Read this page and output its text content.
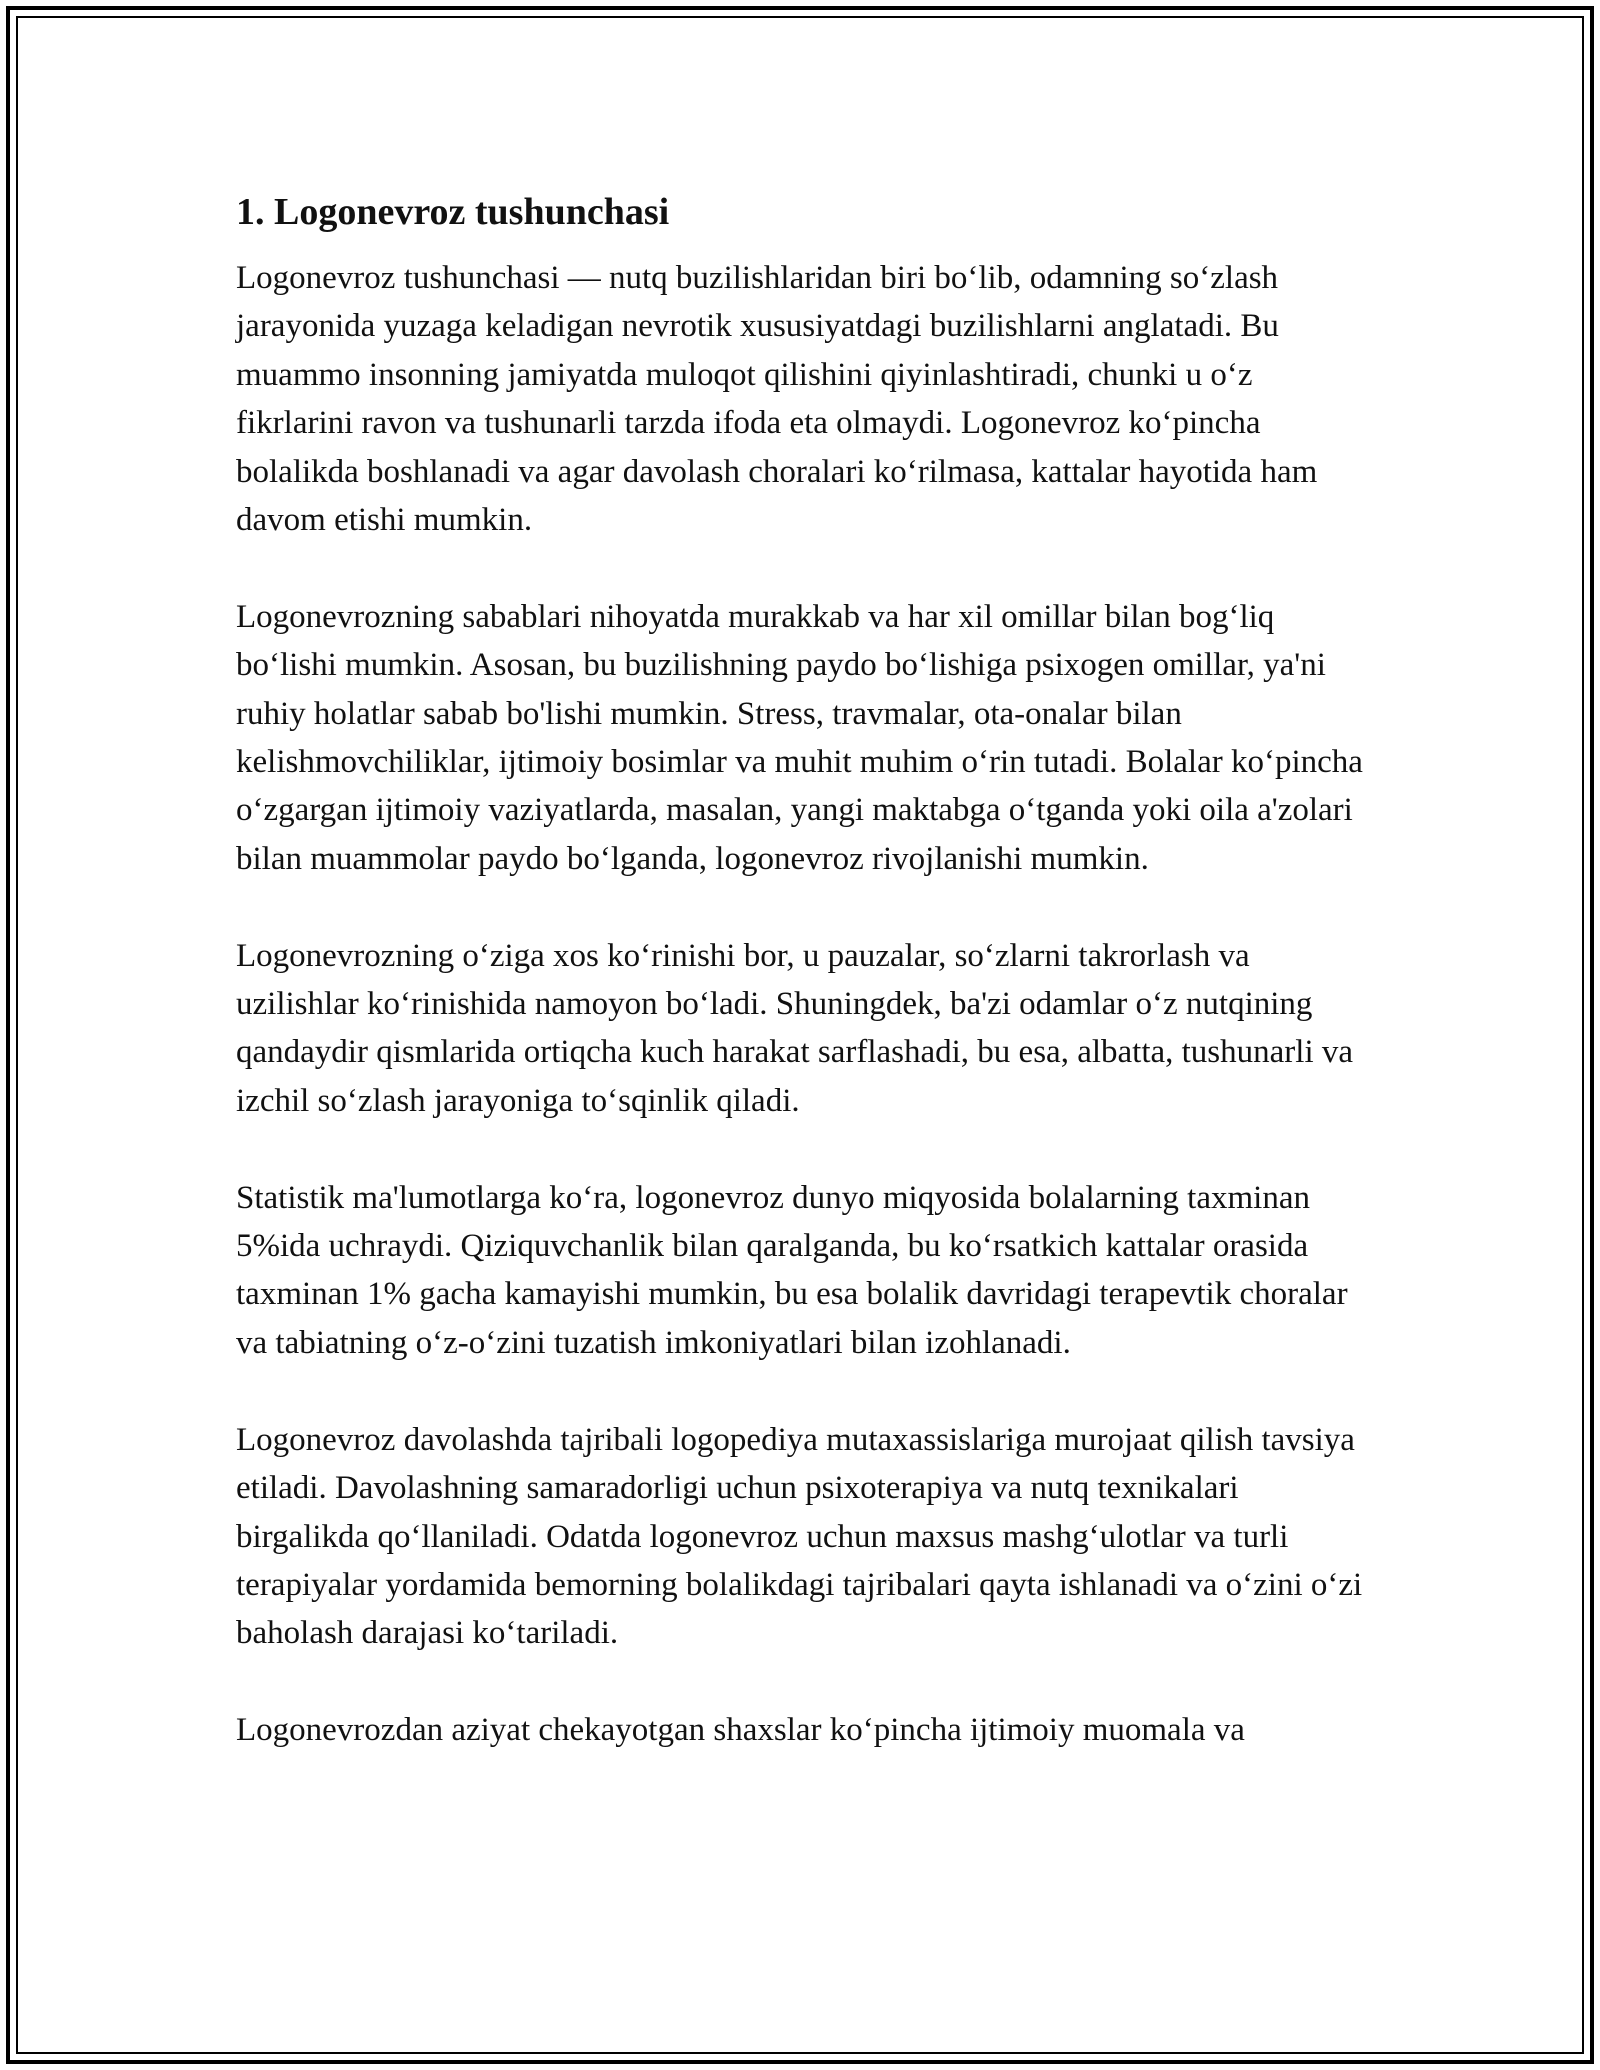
1. Logonevroz tushunchasi

Logonevroz tushunchasi — nutq buzilishlaridan biri boʻlib, odamning soʻzlash jarayonida yuzaga keladigan nevrotik xususiyatdagi buzilishlarni anglatadi. Bu muammo insonning jamiyatda muloqot qilishini qiyinlashtiradi, chunki u oʻz fikrlarini ravon va tushunarli tarzda ifoda eta olmaydi. Logonevroz koʻpincha bolalikda boshlanadi va agar davolash choralari koʻrilmasa, kattalar hayotida ham davom etishi mumkin.

Logonevrozning sabablari nihoyatda murakkab va har xil omillar bilan bogʻliq boʻlishi mumkin. Asosan, bu buzilishning paydo boʻlishiga psixogen omillar, ya'ni ruhiy holatlar sabab bo'lishi mumkin. Stress, travmalar, ota-onalar bilan kelishmovchiliklar, ijtimoiy bosimlar va muhit muhim oʻrin tutadi. Bolalar koʻpincha oʻzgargan ijtimoiy vaziyatlarda, masalan, yangi maktabga oʻtganda yoki oila a'zolari bilan muammolar paydo boʻlganda, logonevroz rivojlanishi mumkin.

Logonevrozning oʻziga xos koʻrinishi bor, u pauzalar, soʻzlarni takrorlash va uzilishlar koʻrinishida namoyon boʻladi. Shuningdek, ba'zi odamlar oʻz nutqining qandaydir qismlarida ortiqcha kuch harakat sarflashadi, bu esa, albatta, tushunarli va izchil soʻzlash jarayoniga toʻsqinlik qiladi.

Statistik ma'lumotlarga koʻra, logonevroz dunyo miqyosida bolalarning taxminan 5%ida uchraydi. Qiziquvchanlik bilan qaralganda, bu koʻrsatkich kattalar orasida taxminan 1% gacha kamayishi mumkin, bu esa bolalik davridagi terapevtik choralar va tabiatning oʻz-oʻzini tuzatish imkoniyatlari bilan izohlanadi.

Logonevroz davolashda tajribali logopediya mutaxassislariga murojaat qilish tavsiya etiladi. Davolashning samaradorligi uchun psixoterapiya va nutq texnikalari birgalikda qoʻllaniladi. Odatda logonevroz uchun maxsus mashgʻulotlar va turli terapiyalar yordamida bemorning bolalikdagi tajribalari qayta ishlanadi va oʻzini oʻzi baholash darajasi koʻtariladi.

Logonevrozdan aziyat chekayotgan shaxslar koʻpincha ijtimoiy muomala va
